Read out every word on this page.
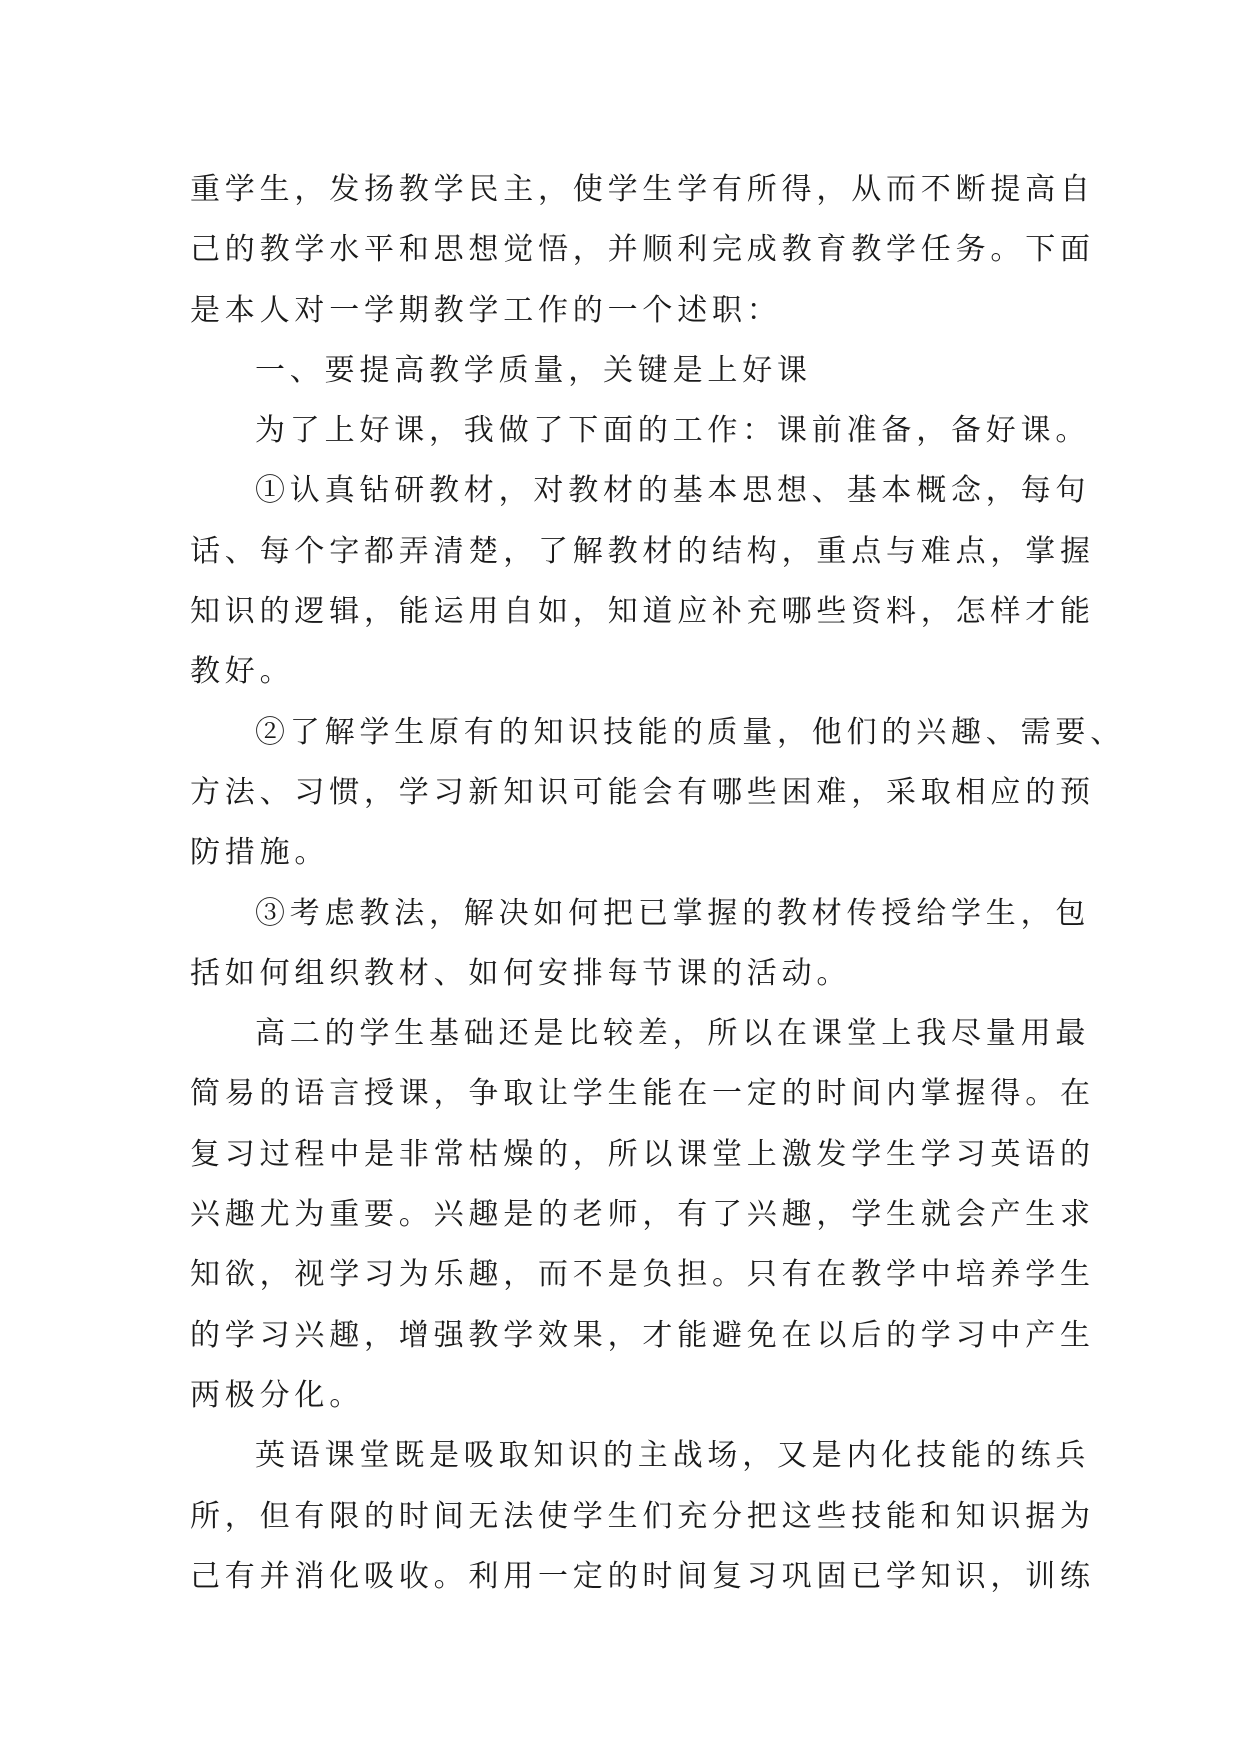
重学生，发扬教学民主，使学生学有所得，从而不断提高自
己的教学水平和思想觉悟，并顺利完成教育教学任务。下面
是本人对一学期教学工作的一个述职：
一、要提高教学质量，关键是上好课
为了上好课，我做了下面的工作：课前准备，备好课。
①认真钻研教材，对教材的基本思想、基本概念，每句
话、每个字都弄清楚，了解教材的结构，重点与难点，掌握
知识的逻辑，能运用自如，知道应补充哪些资料，怎样才能
教好。
②了解学生原有的知识技能的质量，他们的兴趣、需要、
方法、习惯，学习新知识可能会有哪些困难，采取相应的预
防措施。
③考虑教法，解决如何把已掌握的教材传授给学生，包
括如何组织教材、如何安排每节课的活动。
高二的学生基础还是比较差，所以在课堂上我尽量用最
简易的语言授课，争取让学生能在一定的时间内掌握得。在
复习过程中是非常枯燥的，所以课堂上激发学生学习英语的
兴趣尤为重要。兴趣是的老师，有了兴趣，学生就会产生求
知欲，视学习为乐趣，而不是负担。只有在教学中培养学生
的学习兴趣，增强教学效果，才能避免在以后的学习中产生
两极分化。
英语课堂既是吸取知识的主战场，又是内化技能的练兵
所，但有限的时间无法使学生们充分把这些技能和知识据为
己有并消化吸收。利用一定的时间复习巩固已学知识，训练
